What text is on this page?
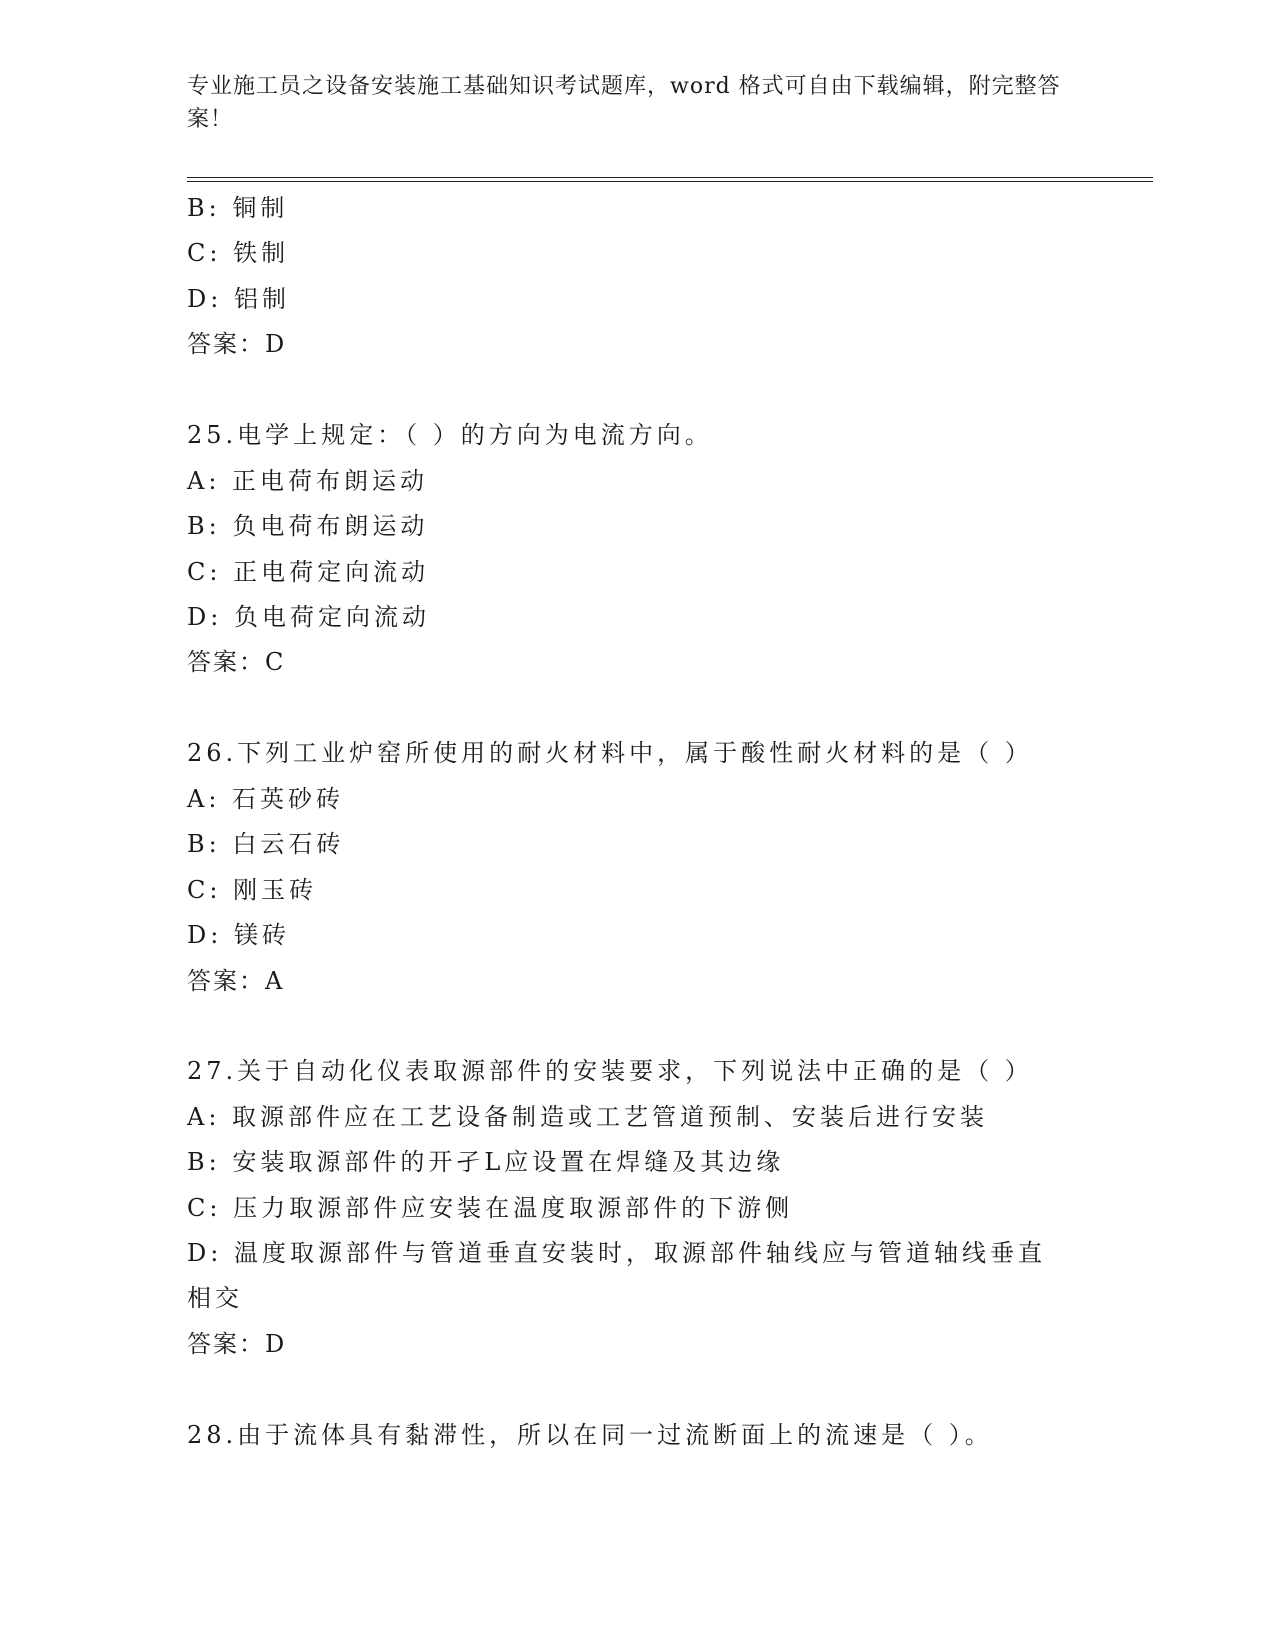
专业施工员之设备安装施工基础知识考试题库，word 格式可自由下载编辑，附完整答案！
B: 铜制
C: 铁制
D: 铝制
答案：D
25.电学上规定：（ ）的方向为电流方向。
A: 正电荷布朗运动
B: 负电荷布朗运动
C: 正电荷定向流动
D: 负电荷定向流动
答案：C
26.下列工业炉窑所使用的耐火材料中，属于酸性耐火材料的是（ ）
A: 石英砂砖
B: 白云石砖
C: 刚玉砖
D: 镁砖
答案：A
27.关于自动化仪表取源部件的安装要求，下列说法中正确的是（ ）
A: 取源部件应在工艺设备制造或工艺管道预制、安装后进行安装
B: 安装取源部件的开孑L应设置在焊缝及其边缘
C: 压力取源部件应安装在温度取源部件的下游侧
D: 温度取源部件与管道垂直安装时，取源部件轴线应与管道轴线垂直
相交
答案：D
28.由于流体具有黏滞性，所以在同一过流断面上的流速是（ ）。
